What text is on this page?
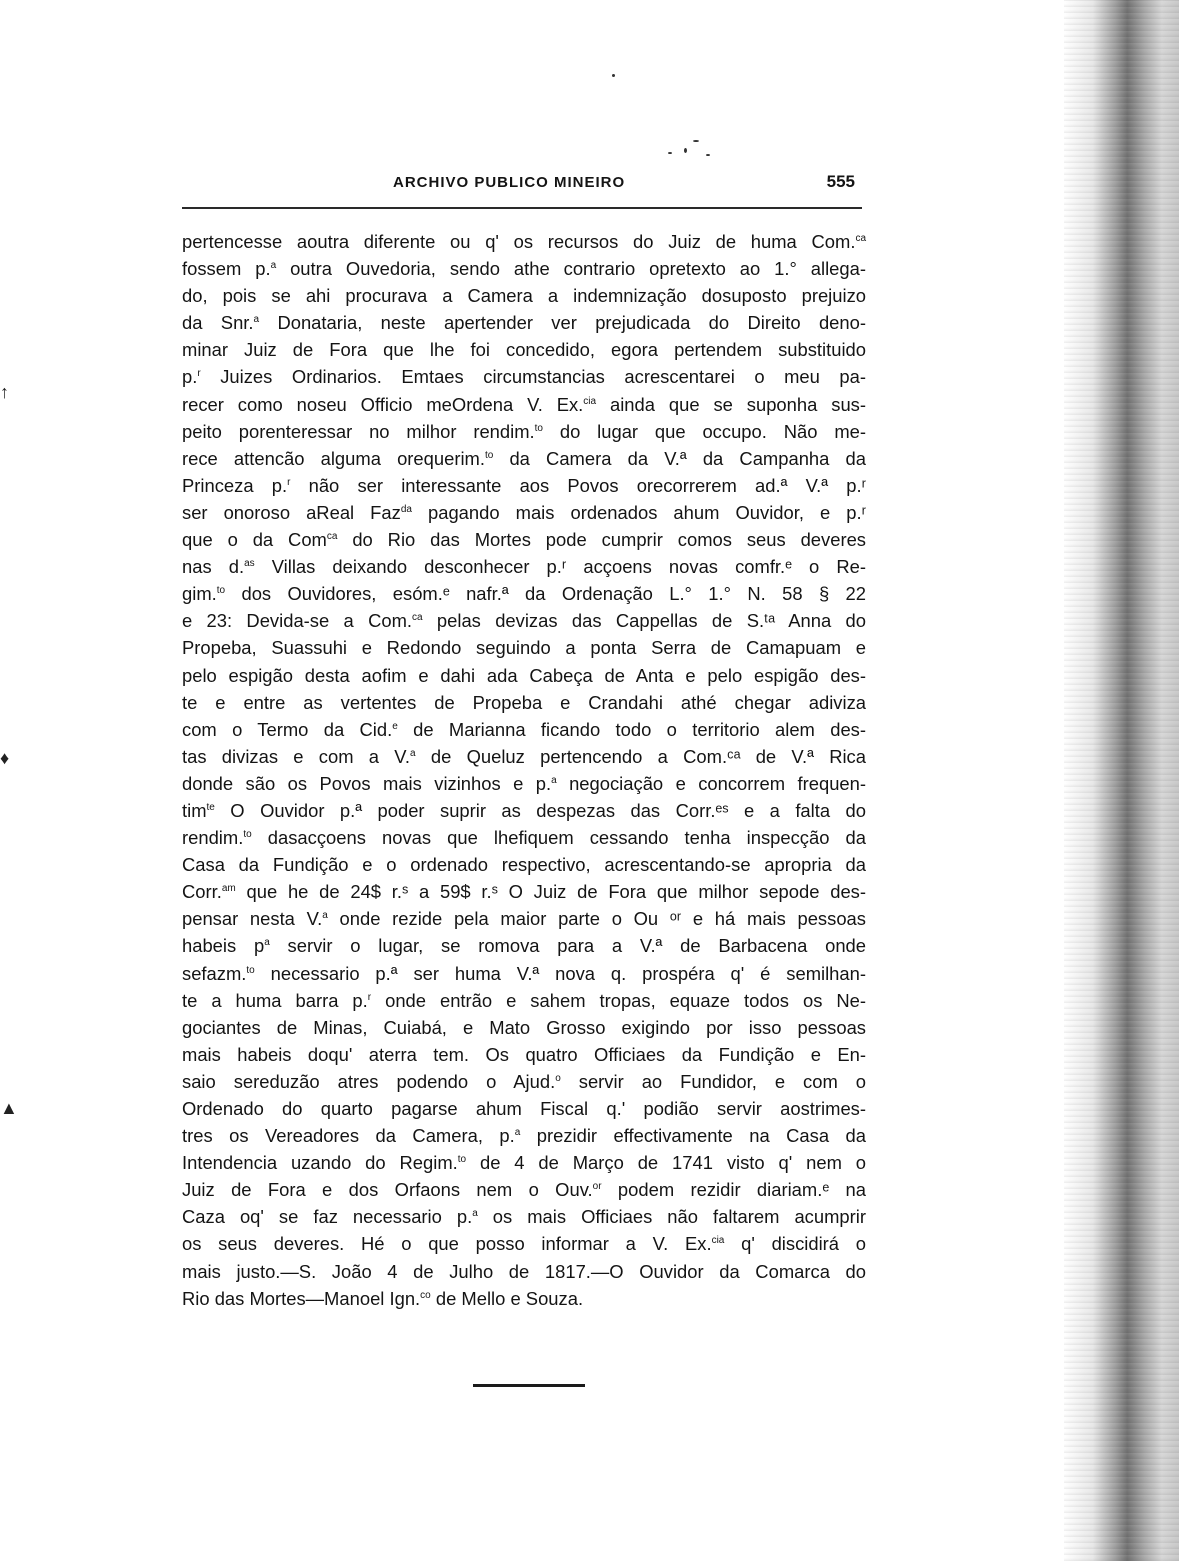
↑
♦
▲
ARCHIVO PUBLICO MINEIRO	555
pertencesse aoutra diferente ou q' os recursos do Juiz de huma Com.$^{ca}$
fossem p.$^a$ outra Ouvedoria, sendo athe contrario opretexto ao 1.° allega-
do, pois se ahi procurava a Camera a indemnização dosuposto prejuizo
da Snr.$^a$ Donataria, neste apertender ver prejudicada do Direito deno-
minar Juiz de Fora que lhe foi concedido, egora pertendem substituido
p.$^r$ Juizes Ordinarios. Emtaes circumstancias acrescentarei o meu pa-
recer como noseu Officio meOrdena V. Ex.$^{cia}$ ainda que se suponha sus-
peito porenteressar no milhor rendim.$^{to}$ do lugar que occupo. Não me-
rece attencão alguma orequerim.$^{to}$ da Camera da V.ª da Campanha da
Princeza p.$^r$ não ser interessante aos Povos orecorrerem ad.ª V.ª p.ʳ
ser onoroso aReal Faz$^{da}$ pagando mais ordenados ahum Ouvidor, e p.ʳ
que o da Com$^{ca}$ do Rio das Mortes pode cumprir comos seus deveres
nas d.$^{as}$ Villas deixando desconhecer p.ʳ acçoens novas comfr.ᵉ o Re-
gim.$^{to}$ dos Ouvidores, esóm.ᵉ nafr.ª da Ordenação L.° 1.° N. 58 § 22
e 23: Devida-se a Com.$^{ca}$ pelas devizas das Cappellas de S.ᵗᵃ Anna do
Propeba, Suassuhi e Redondo seguindo a ponta Serra de Camapuam e
pelo espigão desta aofim e dahi ada Cabeça de Anta e pelo espigão des-
te e entre as vertentes de Propeba e Crandahi athé chegar adiviza
com o Termo da Cid.$^e$ de Marianna ficando todo o territorio alem des-
tas divizas e com a V.$^a$ de Queluz pertencendo a Com.ᶜᵃ de V.ª Rica
donde são os Povos mais vizinhos e p.$^a$ negociação e concorrem frequen-
tim$^{te}$ O Ouvidor p.ª poder suprir as despezas das Corr.ᵉˢ e a falta do
rendim.$^{to}$ dasacçoens novas que lhefiquem cessando tenha inspecção da
Casa da Fundição e o ordenado respectivo, acrescentando-se apropria da
Corr.$^{am}$ que he de 24$ r.ˢ a 59$ r.ˢ O Juiz de Fora que milhor sepode des-
pensar nesta V.$^a$ onde rezide pela maior parte o Ou ᵒʳ e há mais pessoas
habeis $p^a$ servir o lugar, se romova para a V.ª de Barbacena onde
sefazm.$^{to}$ necessario p.ª ser huma V.ª nova q. prospéra q' é semilhan-
te a huma barra p.$^r$ onde entrão e sahem tropas, equaze todos os Ne-
gociantes de Minas, Cuiabá, e Mato Grosso exigindo por isso pessoas
mais habeis doqu' aterra tem. Os quatro Officiaes da Fundição e En-
saio sereduzão atres podendo o Ajud.$^o$ servir ao Fundidor, e com o
Ordenado do quarto pagarse ahum Fiscal q.' podião servir aostrimes-
tres os Vereadores da Camera, p.$^a$ prezidir effectivamente na Casa da
Intendencia uzando do Regim.$^{to}$ de 4 de Março de 1741 visto q' nem o
Juiz de Fora e dos Orfaons nem o Ouv.$^{or}$ podem rezidir diariam.ᵉ na
Caza oq' se faz necessario p.$^a$ os mais Officiaes não faltarem acumprir
os seus deveres. Hé o que posso informar a V. Ex.$^{cia}$ q' discidirá o
mais justo.—S. João 4 de Julho de 1817.—O Ouvidor da Comarca do
Rio das Mortes—Manoel Ign.$^{co}$ de Mello e Souza.
